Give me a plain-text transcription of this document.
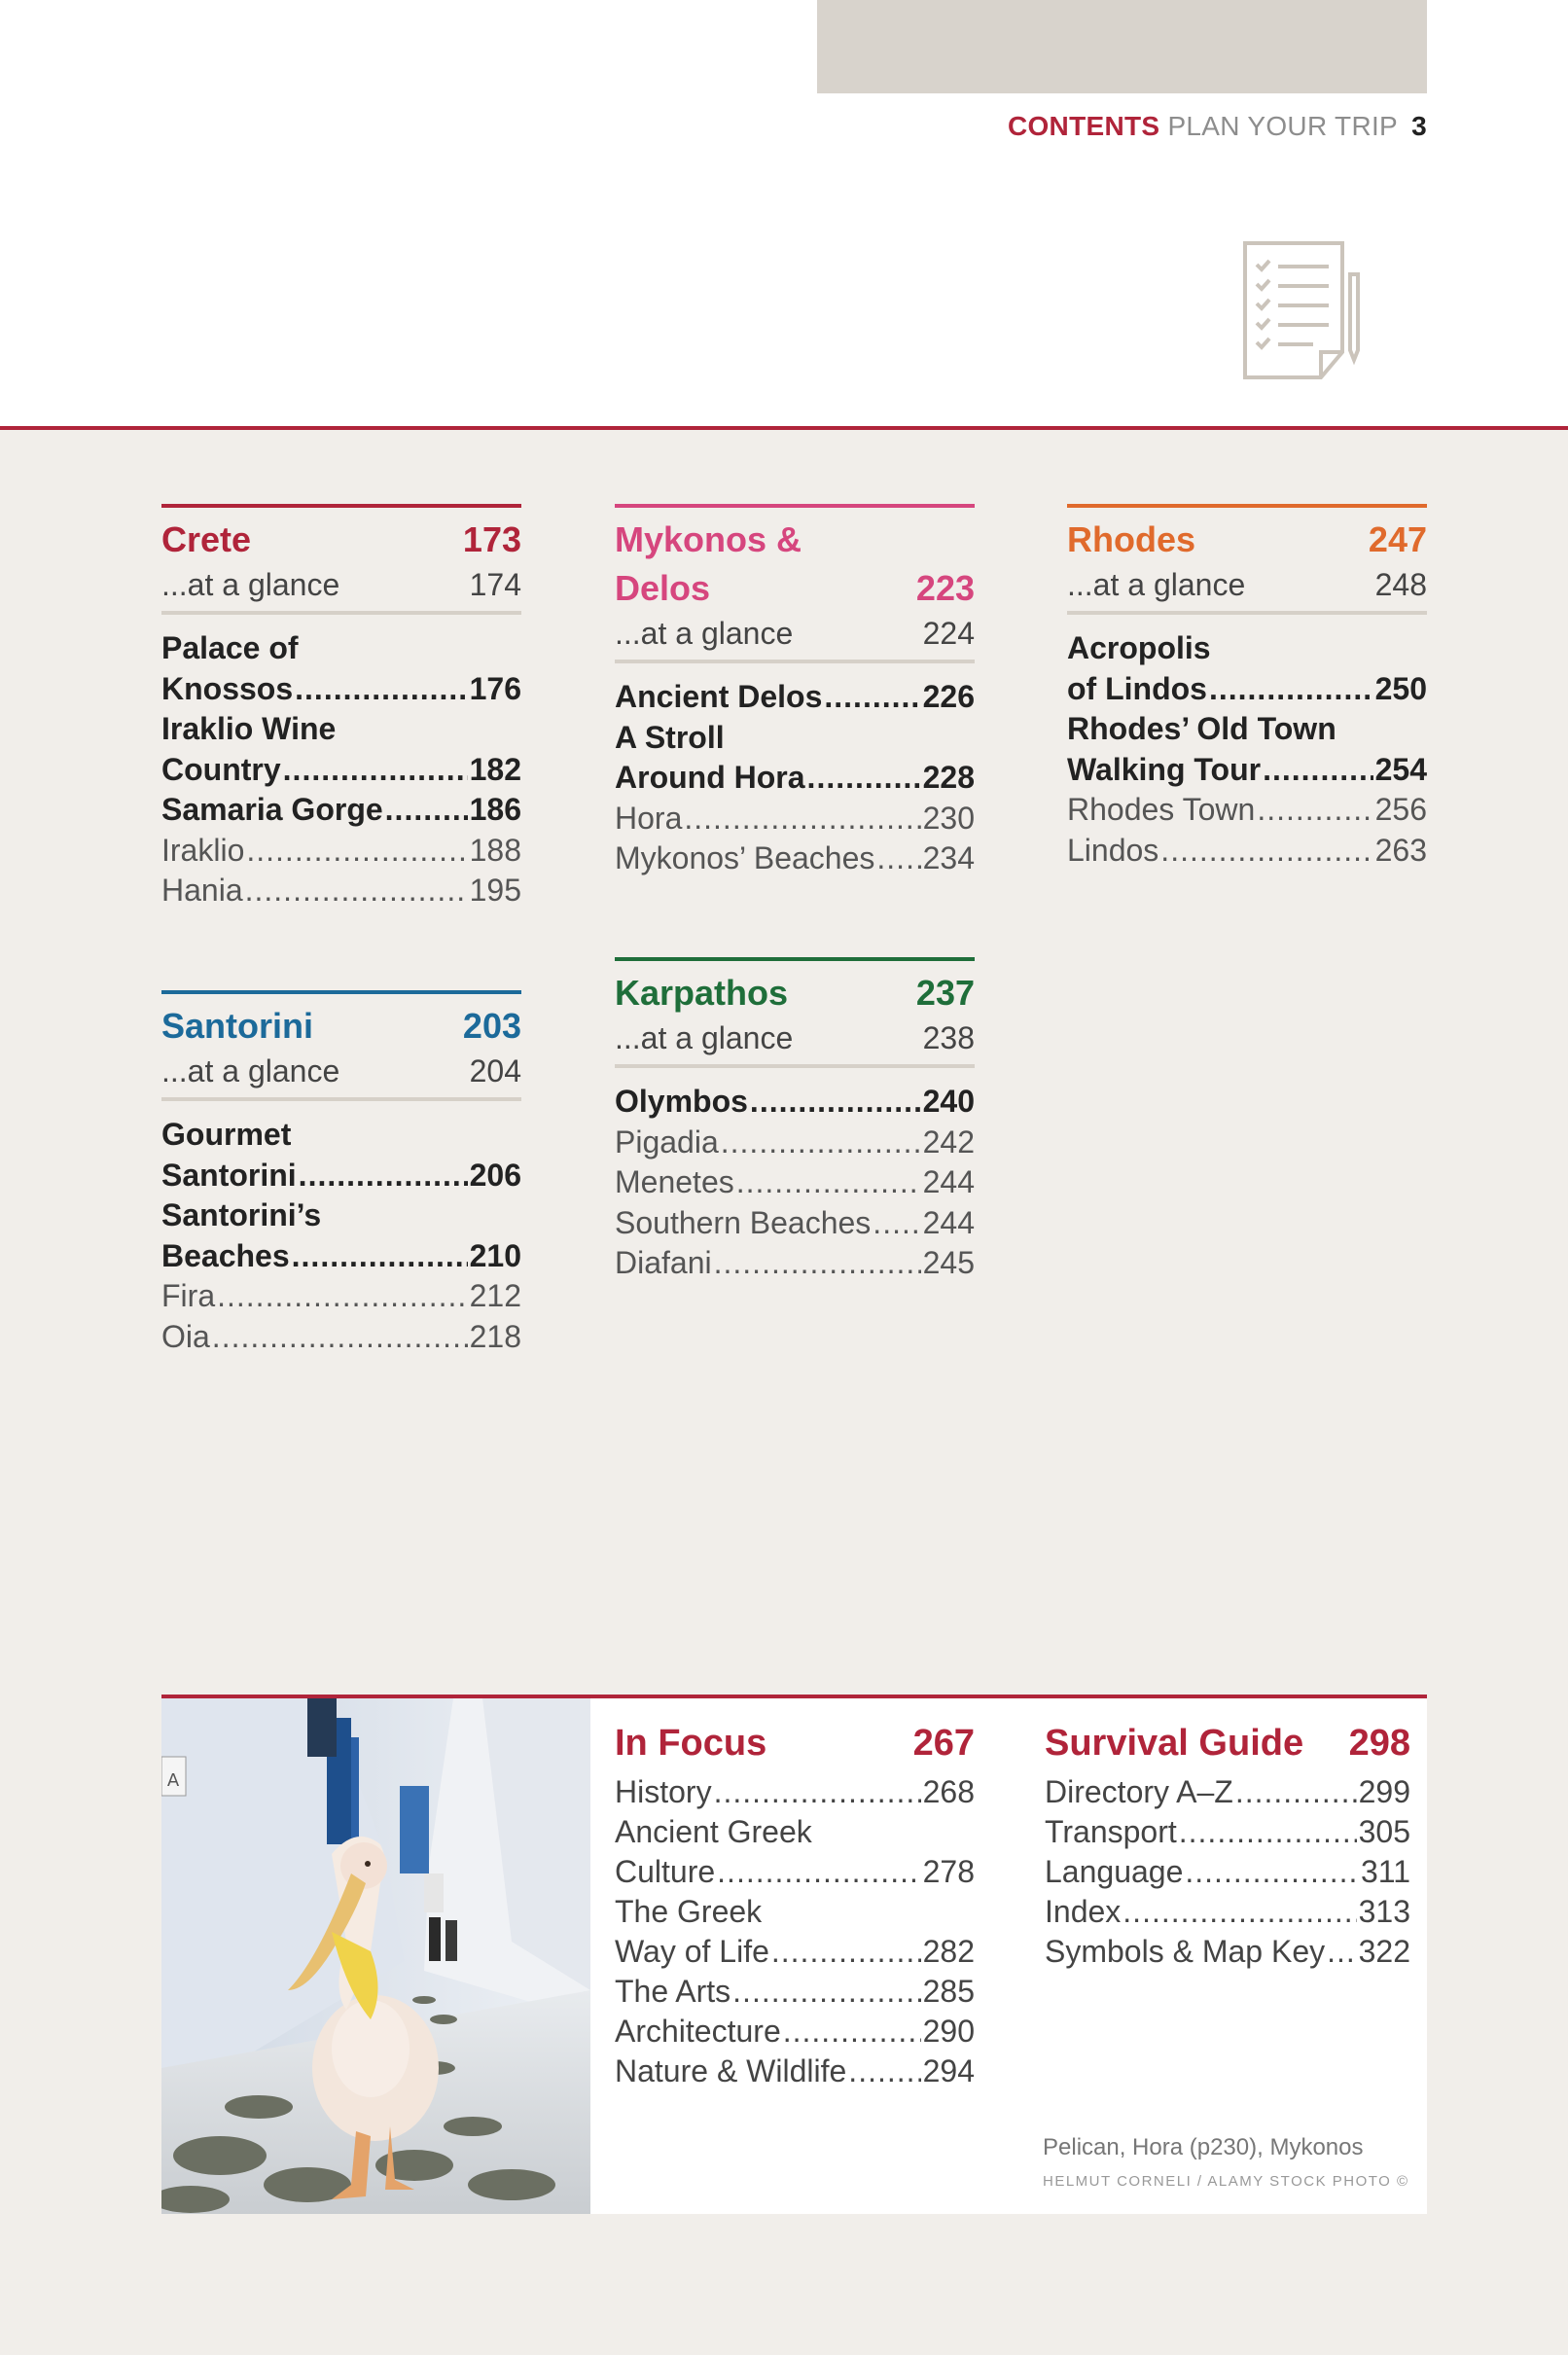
CONTENTS PLAN YOUR TRIP 3
Crete	173
...at a glance	174
Palace of
Knossos .....	176
Iraklio Wine
Country .....	182
Samaria Gorge .....	186
Iraklio .....	188
Hania .....	195
Mykonos &
Delos	223
...at a glance	224
Ancient Delos .....	226
A Stroll
Around Hora .....	228
Hora .....	230
Mykonos’ Beaches ..... 234
Rhodes	247
...at a glance	248
Acropolis
of Lindos .....	250
Rhodes’ Old Town
Walking Tour .....	254
Rhodes Town .....	256
Lindos .....	263
Santorini	203
...at a glance	204
Gourmet
Santorini .....	206
Santorini’s
Beaches .....	210
Fira .....	212
Oia .....	218
Karpathos	237
...at a glance	238
Olymbos .....	240
Pigadia .....	242
Menetes .....	244
Southern Beaches ..... 244
Diafani .....	245
A
In Focus	267
History .....	268
Ancient Greek
Culture .....	278
The Greek
Way of Life .....	282
The Arts .....	285
Architecture .....	290
Nature & Wildlife ..... 294
Survival Guide	298
Directory A–Z .....	299
Transport .....	305
Language .....	311
Index .....	313
Symbols & Map Key ..... 322
Pelican, Hora (p230), Mykonos
HELMUT CORNELI / ALAMY STOCK PHOTO ©
